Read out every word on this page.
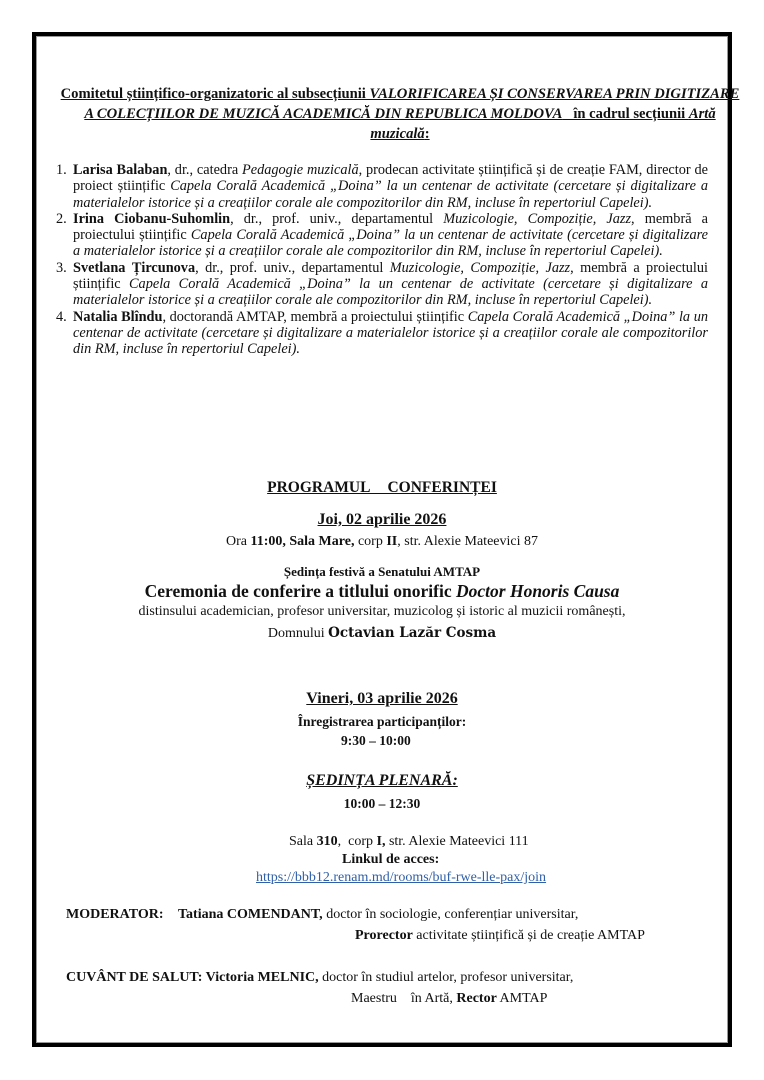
Comitetul științifico-organizatoric al subsecțiunii VALORIFICAREA ȘI CONSERVAREA PRIN DIGITIZARE A COLECȚIILOR DE MUZICĂ ACADEMICĂ DIN REPUBLICA MOLDOVA   în cadrul secțiunii Artă muzicală:
1. Larisa Balaban, dr., catedra Pedagogie muzicală, prodecan activitate științifică și de creație FAM, director de proiect științific Capela Corală Academică „Doina” la un centenar de activitate (cercetare și digitalizare a materialelor istorice și a creațiilor corale ale compozitorilor din RM, incluse în repertoriul Capelei).
2. Irina Ciobanu-Suhomlin, dr., prof. univ., departamentul Muzicologie, Compoziție, Jazz, membră a proiectului științific Capela Corală Academică „Doina” la un centenar de activitate (cercetare și digitalizare a materialelor istorice și a creațiilor corale ale compozitorilor din RM, incluse în repertoriul Capelei).
3. Svetlana Țircunova, dr., prof. univ., departamentul Muzicologie, Compoziție, Jazz, membră a proiectului științific Capela Corală Academică „Doina” la un centenar de activitate (cercetare și digitalizare a materialelor istorice și a creațiilor corale ale compozitorilor din RM, incluse în repertoriul Capelei).
4. Natalia Blîndu, doctorandă AMTAP, membră a proiectului științific Capela Corală Academică „Doina” la un centenar de activitate (cercetare și digitalizare a materialelor istorice și a creațiilor corale ale compozitorilor din RM, incluse în repertoriul Capelei).
PROGRAMUL CONFERINȚEI
Joi, 02 aprilie 2026
Ora 11:00, Sala Mare, corp II, str. Alexie Mateevici 87
Ședința festivă a Senatului AMTAP
Ceremonia de conferire a titlului onorific Doctor Honoris Causa
distinsului academician, profesor universitar, muzicolog și istoric al muzicii românești,
Domnului Octavian Lazăr Cosma
Vineri, 03 aprilie 2026
Înregistrarea participanților:
9:30 – 10:00
ȘEDINȚA PLENARĂ:
10:00 – 12:30
Sala 310,  corp I, str. Alexie Mateevici 111
Linkul de acces:
https://bbb12.renam.md/rooms/buf-rwe-lle-pax/join
MODERATOR: Tatiana COMENDANT, doctor în sociologie, conferențiar universitar,
Prorector activitate științifică și de creație AMTAP
CUVÂNT DE SALUT: Victoria MELNIC, doctor în studiul artelor, profesor universitar,
Maestru    în Artă, Rector AMTAP
